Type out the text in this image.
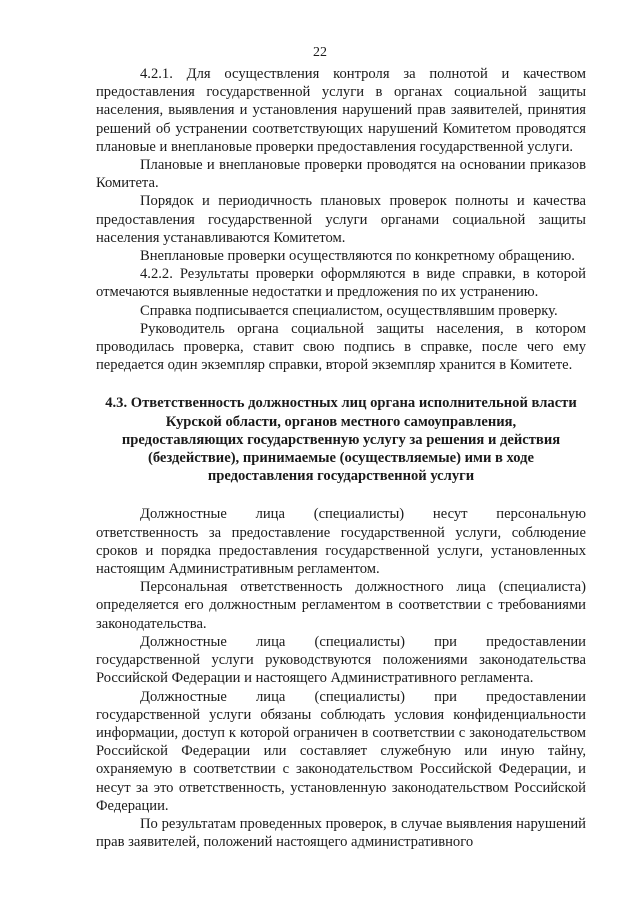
22

4.2.1. Для осуществления контроля за полнотой и качеством предоставления государственной услуги в органах социальной защиты населения, выявления и установления нарушений прав заявителей, принятия решений об устранении соответствующих нарушений Комитетом проводятся плановые и внеплановые проверки предоставления государственной услуги.

Плановые и внеплановые проверки проводятся на основании приказов Комитета.

Порядок и периодичность плановых проверок полноты и качества предоставления государственной услуги органами социальной защиты населения устанавливаются Комитетом.

Внеплановые проверки осуществляются по конкретному обращению.

4.2.2. Результаты проверки оформляются в виде справки, в которой отмечаются выявленные недостатки и предложения по их устранению.

Справка подписывается специалистом, осуществлявшим проверку.

Руководитель органа социальной защиты населения, в котором проводилась проверка, ставит свою подпись в справке, после чего ему передается один экземпляр справки, второй экземпляр хранится в Комитете.

4.3. Ответственность должностных лиц органа исполнительной власти Курской области, органов местного самоуправления, предоставляющих государственную услугу за решения и действия (бездействие), принимаемые (осуществляемые) ими в ходе предоставления государственной услуги

Должностные лица (специалисты) несут персональную ответственность за предоставление государственной услуги, соблюдение сроков и порядка предоставления государственной услуги, установленных настоящим Административным регламентом.

Персональная ответственность должностного лица (специалиста) определяется его должностным регламентом в соответствии с требованиями законодательства.

Должностные лица (специалисты) при предоставлении государственной услуги руководствуются положениями законодательства Российской Федерации и настоящего Административного регламента.

Должностные лица (специалисты) при предоставлении государственной услуги обязаны соблюдать условия конфиденциальности информации, доступ к которой ограничен в соответствии с законодательством Российской Федерации или составляет служебную или иную тайну, охраняемую в соответствии с законодательством Российской Федерации, и несут за это ответственность, установленную законодательством Российской Федерации.

По результатам проведенных проверок, в случае выявления нарушений прав заявителей, положений настоящего административного
